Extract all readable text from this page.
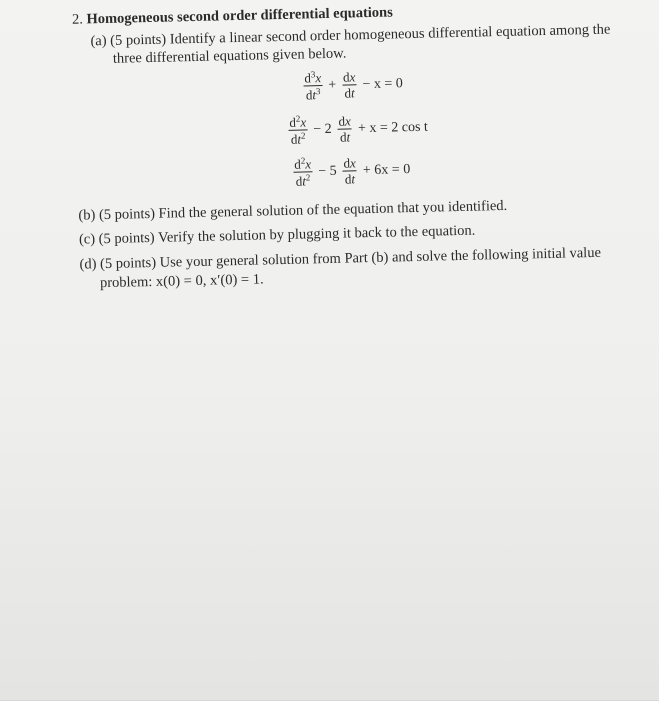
2. Homogeneous second order differential equations
(a) (5 points) Identify a linear second order homogeneous differential equation among the
three differential equations given below.
$\frac{d^3x}{dt^3} + \frac{dx}{dt} - x = 0$
$\frac{d^2x}{dt^2} - 2 \frac{dx}{dt} + x = 2$ cos t
$\frac{d^2x}{dt^2} - 5 \frac{dx}{dt} + 6x = 0$
(b) (5 points) Find the general solution of the equation that you identified.
(c) (5 points) Verify the solution by plugging it back to the equation.
(d) (5 points) Use your general solution from Part (b) and solve the following initial value
problem: x(0) = 0, x′(0) = 1.
